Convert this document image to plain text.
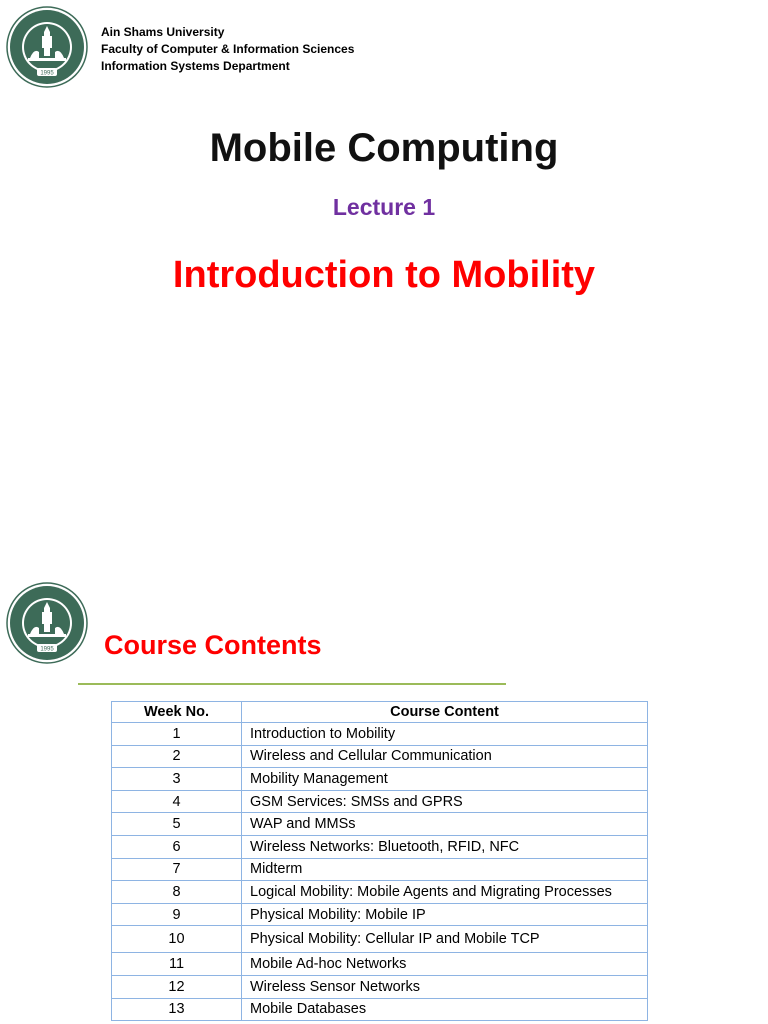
1995
Ain Shams University
Faculty of Computer & Information Sciences
Information Systems Department
Mobile Computing
Lecture 1
Introduction to Mobility
1995 Course Contents
Week No.	Course Content
1	Introduction to Mobility
2	Wireless and Cellular Communication
3	Mobility Management
4	GSM Services: SMSs and GPRS
5	WAP and MMSs
6	Wireless Networks: Bluetooth, RFID, NFC
7	Midterm
8	Logical Mobility: Mobile Agents and Migrating Processes
9	Physical Mobility: Mobile IP
10	Physical Mobility: Cellular IP and Mobile TCP
11	Mobile Ad-hoc Networks
12	Wireless Sensor Networks
13	Mobile Databases
